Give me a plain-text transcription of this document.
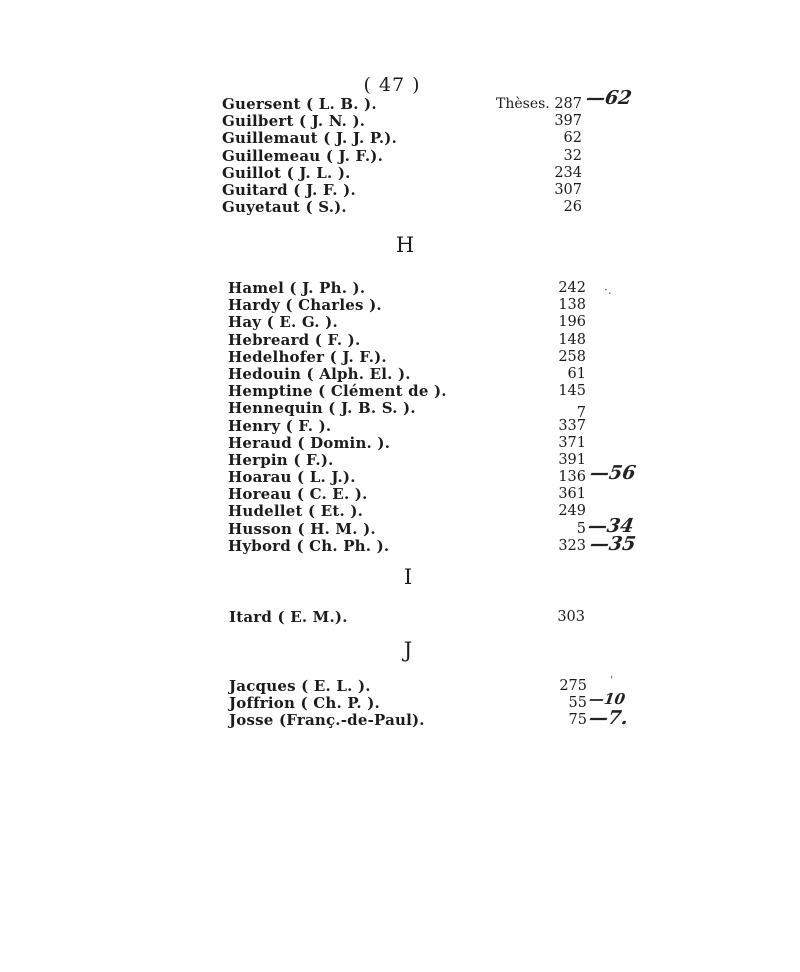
( 47 )
Guersent ( L. B. ).	Thèses. 287 —62
Guilbert ( J. N. ).	397
Guillemaut ( J. J. P.).	62
Guillemeau ( J. F.).	32
Guillot ( J. L. ).	234
Guitard ( J. F. ).	307
Guyetaut ( S.).	26
H
Hamel ( J. Ph. ).	242 ·.
Hardy ( Charles ).	138
Hay ( E. G. ).	196
Hebreard ( F. ).	148
Hedelhofer ( J. F.).	258
Hedouin ( Alph. El. ).	61
Hemptine ( Clément de ).	145
Hennequin ( J. B. S. ).	7
Henry ( F. ).	337
Heraud ( Domin. ).	371
Herpin ( F.).	391
Hoarau ( L. J.).	136 —56
Horeau ( C. E. ).	361
Hudellet ( Et. ).	249
Husson ( H. M. ).	5 —34
Hybord ( Ch. Ph. ).	323 —35
I
Itard ( E. M.).	303
J
Jacques ( E. L. ).	275 ˈ
Joffrion ( Ch. P. ).	55 —10
Josse (Franç.-de-Paul).	75 —7.
